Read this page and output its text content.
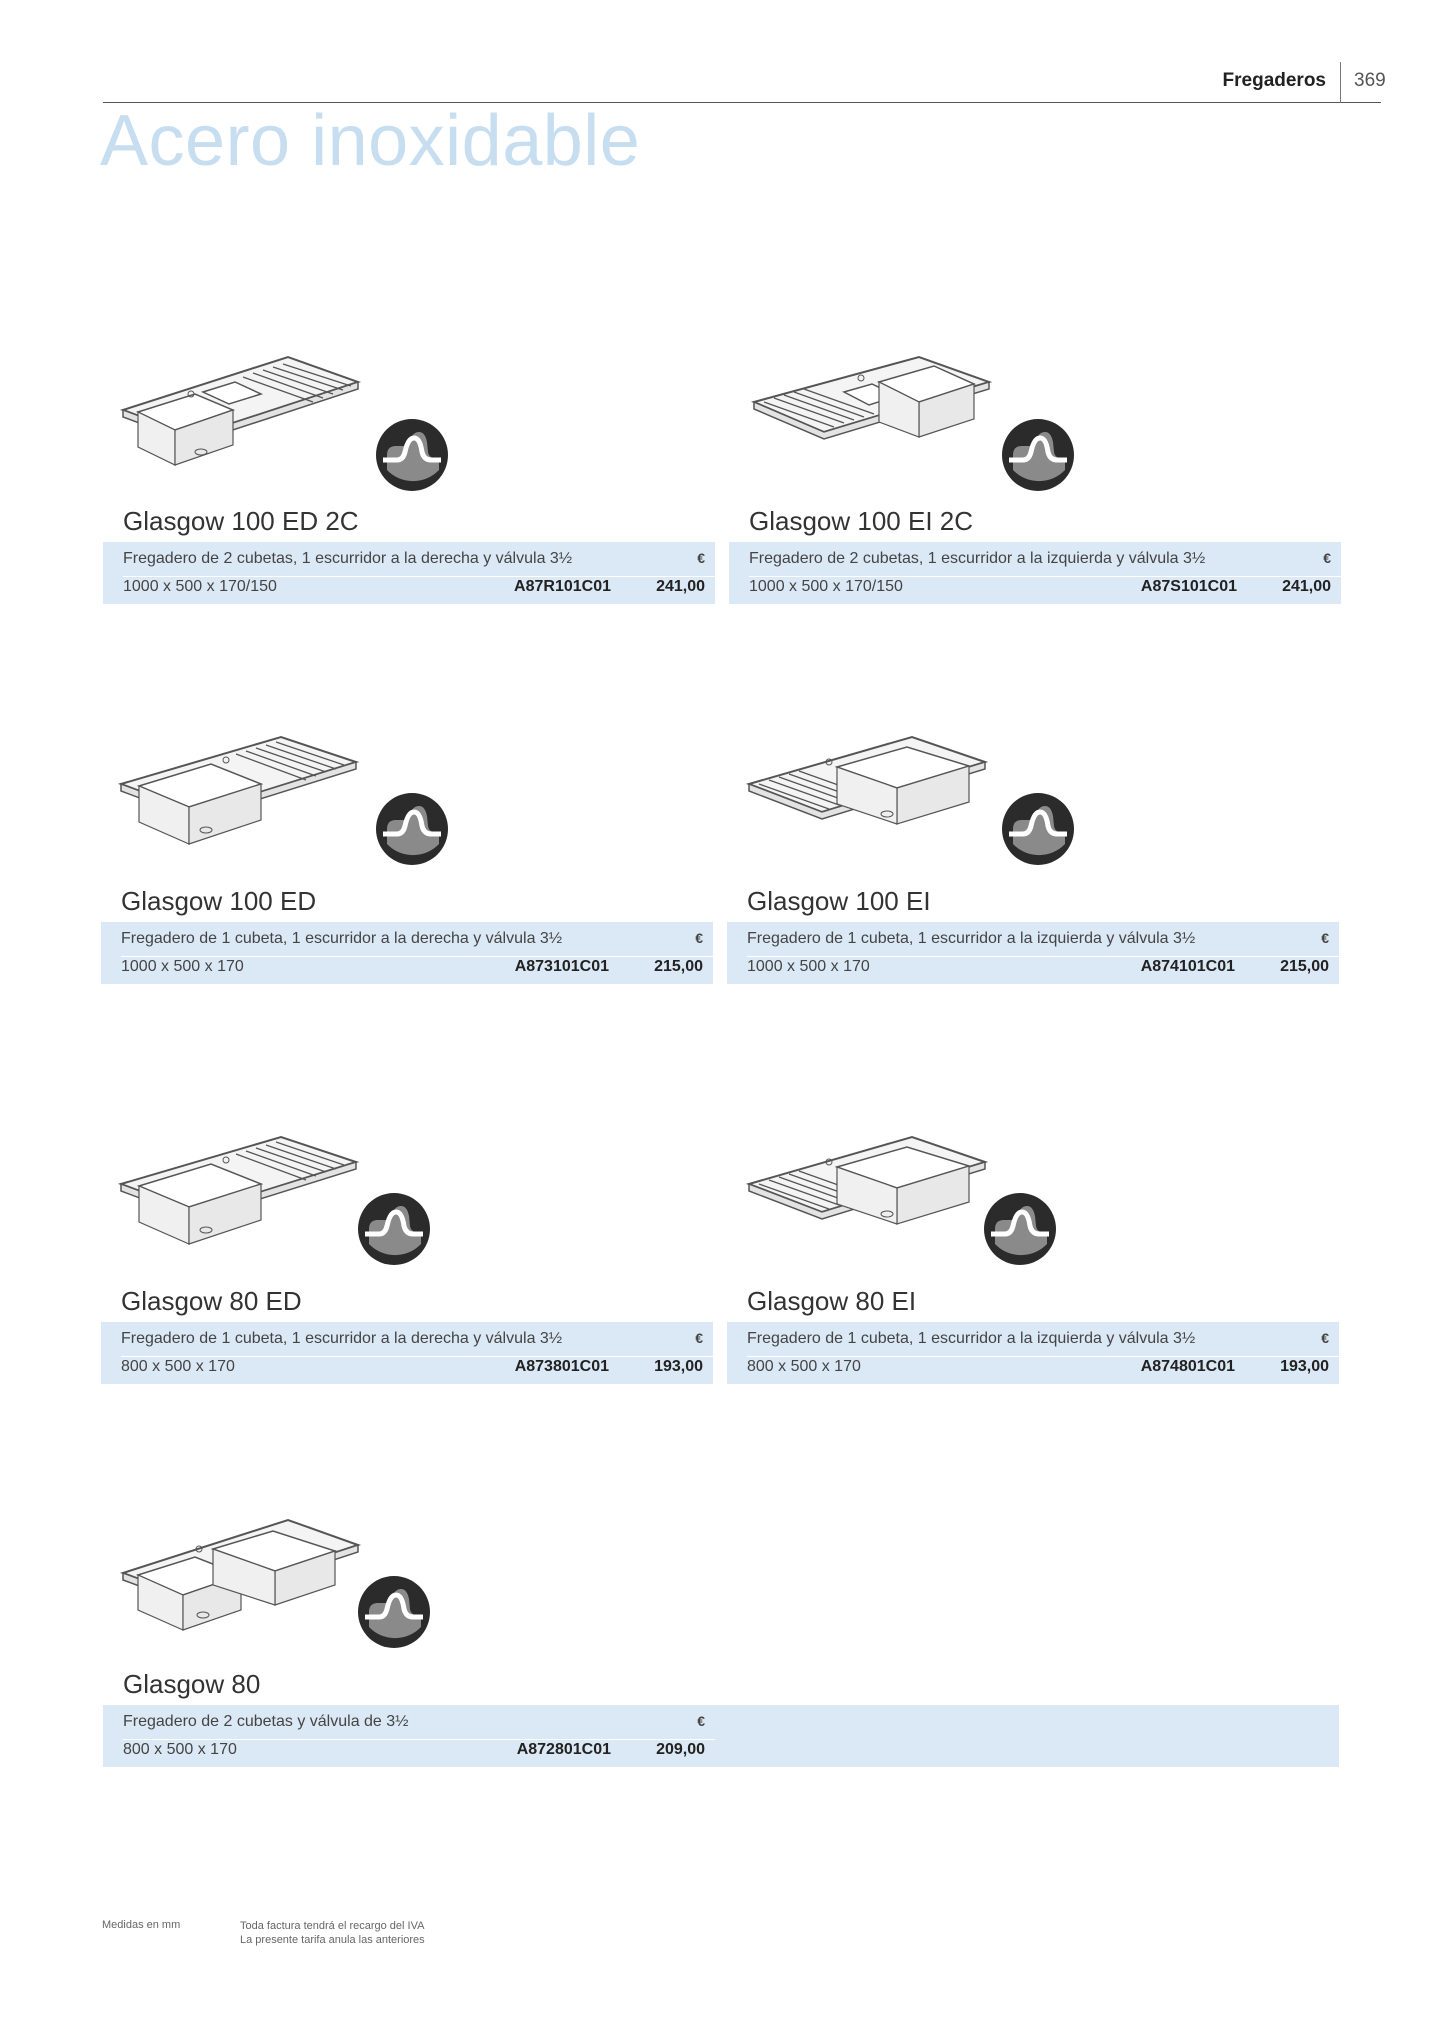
Fregaderos 369
Acero inoxidable
Glasgow 100 ED 2C
Fregadero de 2 cubetas, 1 escurridor a la derecha y válvula 3½	€
1000 x 500 x 170/150	A87R101C01	241,00
Glasgow 100 EI 2C
Fregadero de 2 cubetas, 1 escurridor a la izquierda y válvula 3½	€
1000 x 500 x 170/150	A87S101C01	241,00
Glasgow 100 ED
Fregadero de 1 cubeta, 1 escurridor a la derecha y válvula 3½	€
1000 x 500 x 170	A873101C01	215,00
Glasgow 100 EI
Fregadero de 1 cubeta, 1 escurridor a la izquierda y válvula 3½	€
1000 x 500 x 170	A874101C01	215,00
Glasgow 80 ED
Fregadero de 1 cubeta, 1 escurridor a la derecha y válvula 3½	€
800 x 500 x 170	A873801C01	193,00
Glasgow 80 EI
Fregadero de 1 cubeta, 1 escurridor a la izquierda y válvula 3½	€
800 x 500 x 170	A874801C01	193,00
Glasgow 80
Fregadero de 2 cubetas y válvula de 3½	€
800 x 500 x 170	A872801C01	209,00
Medidas en mm	Toda factura tendrá el recargo del IVA
La presente tarifa anula las anteriores
